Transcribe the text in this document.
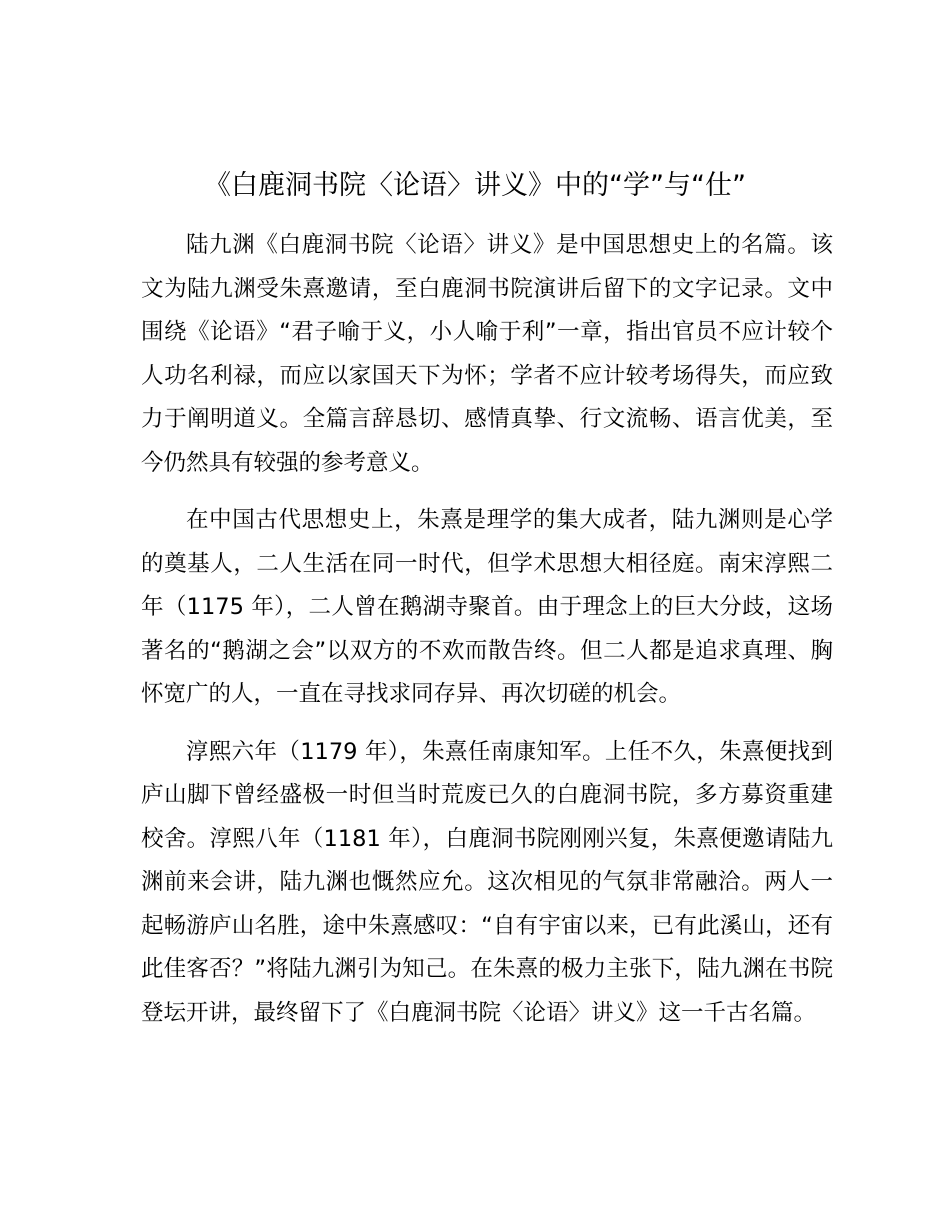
《白鹿洞书院〈论语〉讲义》中的“学”与“仕”

陆九渊《白鹿洞书院〈论语〉讲义》是中国思想史上的名篇。该文为陆九渊受朱熹邀请，至白鹿洞书院演讲后留下的文字记录。文中围绕《论语》“君子喻于义，小人喻于利”一章，指出官员不应计较个人功名利禄，而应以家国天下为怀；学者不应计较考场得失，而应致力于阐明道义。全篇言辞恳切、感情真挚、行文流畅、语言优美，至今仍然具有较强的参考意义。

在中国古代思想史上，朱熹是理学的集大成者，陆九渊则是心学的奠基人，二人生活在同一时代，但学术思想大相径庭。南宋淳熙二年（1175 年），二人曾在鹅湖寺聚首。由于理念上的巨大分歧，这场著名的“鹅湖之会”以双方的不欢而散告终。但二人都是追求真理、胸怀宽广的人，一直在寻找求同存异、再次切磋的机会。

淳熙六年（1179 年），朱熹任南康知军。上任不久，朱熹便找到庐山脚下曾经盛极一时但当时荒废已久的白鹿洞书院，多方募资重建校舍。淳熙八年（1181 年），白鹿洞书院刚刚兴复，朱熹便邀请陆九渊前来会讲，陆九渊也慨然应允。这次相见的气氛非常融洽。两人一起畅游庐山名胜，途中朱熹感叹：“自有宇宙以来，已有此溪山，还有此佳客否？”将陆九渊引为知己。在朱熹的极力主张下，陆九渊在书院登坛开讲，最终留下了《白鹿洞书院〈论语〉讲义》这一千古名篇。
